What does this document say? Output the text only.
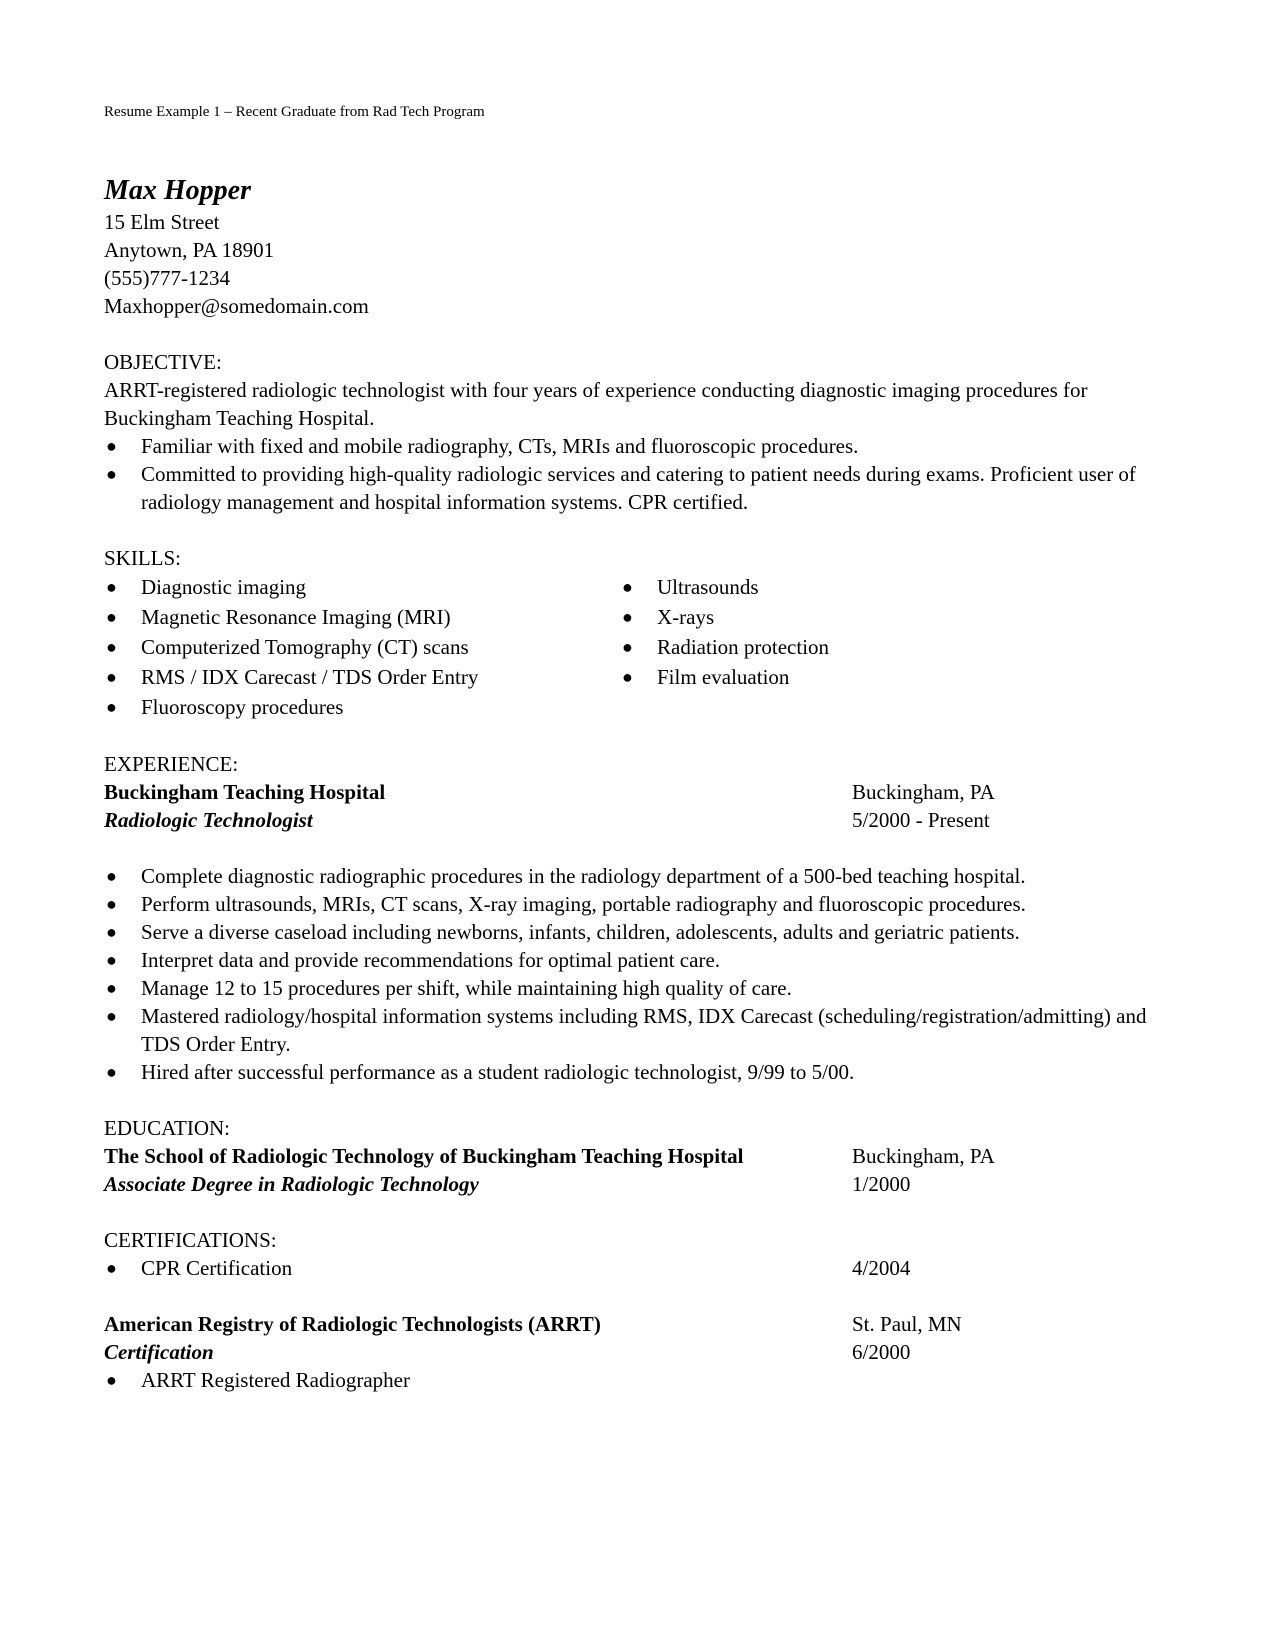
Resume Example 1 – Recent Graduate from Rad Tech Program

Max Hopper
15 Elm Street
Anytown, PA 18901
(555)777-1234
Maxhopper@somedomain.com
OBJECTIVE:
ARRT-registered radiologic technologist with four years of experience conducting diagnostic imaging procedures for Buckingham Teaching Hospital.
● Familiar with fixed and mobile radiography, CTs, MRIs and fluoroscopic procedures.
● Committed to providing high-quality radiologic services and catering to patient needs during exams. Proficient user of radiology management and hospital information systems. CPR certified.
SKILLS:
● Diagnostic imaging
● Magnetic Resonance Imaging (MRI)
● Computerized Tomography (CT) scans
● RMS / IDX Carecast / TDS Order Entry
● Fluoroscopy procedures
● Ultrasounds
● X-rays
● Radiation protection
● Film evaluation
EXPERIENCE:
Buckingham Teaching Hospital	Buckingham, PA
Radiologic Technologist	5/2000 - Present
● Complete diagnostic radiographic procedures in the radiology department of a 500-bed teaching hospital.
● Perform ultrasounds, MRIs, CT scans, X-ray imaging, portable radiography and fluoroscopic procedures.
● Serve a diverse caseload including newborns, infants, children, adolescents, adults and geriatric patients.
● Interpret data and provide recommendations for optimal patient care.
● Manage 12 to 15 procedures per shift, while maintaining high quality of care.
● Mastered radiology/hospital information systems including RMS, IDX Carecast (scheduling/registration/admitting) and TDS Order Entry.
● Hired after successful performance as a student radiologic technologist, 9/99 to 5/00.
EDUCATION:
The School of Radiologic Technology of Buckingham Teaching Hospital	Buckingham, PA
Associate Degree in Radiologic Technology	1/2000
CERTIFICATIONS:
● CPR Certification	4/2004
American Registry of Radiologic Technologists (ARRT)	St. Paul, MN
Certification	6/2000
● ARRT Registered Radiographer
